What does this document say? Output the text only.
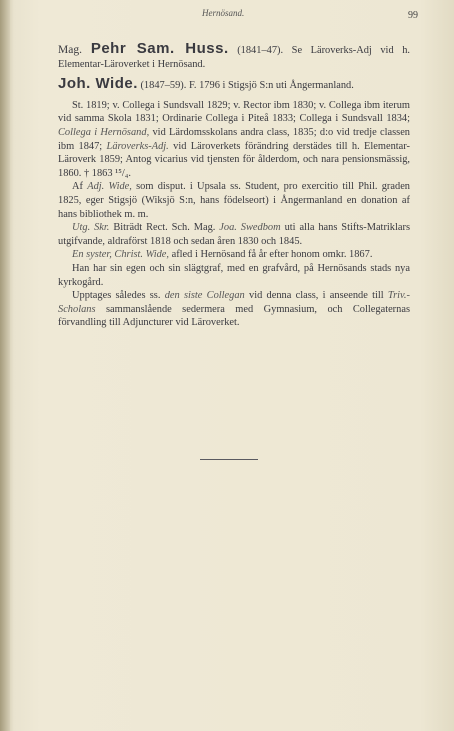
Hernösand.	99

Mag. Pehr Sam. Huss. (1841–47). Se Läroverks-Adj vid h. Elementar-Läroverket i Hernösand.

Joh. Wide. (1847–59). F. 1796 i Stigsjö S:n uti Ångermanland.

St. 1819; v. Collega i Sundsvall 1829; v. Rector ibm 1830; v. Collega ibm iterum vid samma Skola 1831; Ordinarie Collega i Piteå 1833; Collega i Sundsvall 1834; Collega i Hernösand, vid Lärdomsskolans andra class, 1835; d:o vid tredje classen ibm 1847; Läroverks-Adj. vid Läroverkets förändring derstädes till h. Elementar-Läroverk 1859; Antog vicarius vid tjensten för ålderdom, och nara pensionsmässig, 1860. † 1863 ¹⁵/₄.

Af Adj. Wide, som disput. i Upsala ss. Student, pro exercitio till Phil. graden 1825, eger Stigsjö (Wiksjö S:n, hans födelseort) i Ångermanland en donation af hans bibliothek m. m.

Utg. Skr. Biträdt Rect. Sch. Mag. Joa. Swedbom uti alla hans Stifts-Matriklars utgifvande, aldraförst 1818 och sedan åren 1830 och 1845.

En syster, Christ. Wide, afled i Hernösand få år efter honom omkr. 1867.

Han har sin egen och sin slägtgraf, med en grafvård, på Hernösands stads nya kyrkogård.

Upptages således ss. den siste Collegan vid denna class, i anseende till Triv.-Scholans sammanslående sedermera med Gymnasium, och Collegaternas förvandling till Adjuncturer vid Läroverket.
